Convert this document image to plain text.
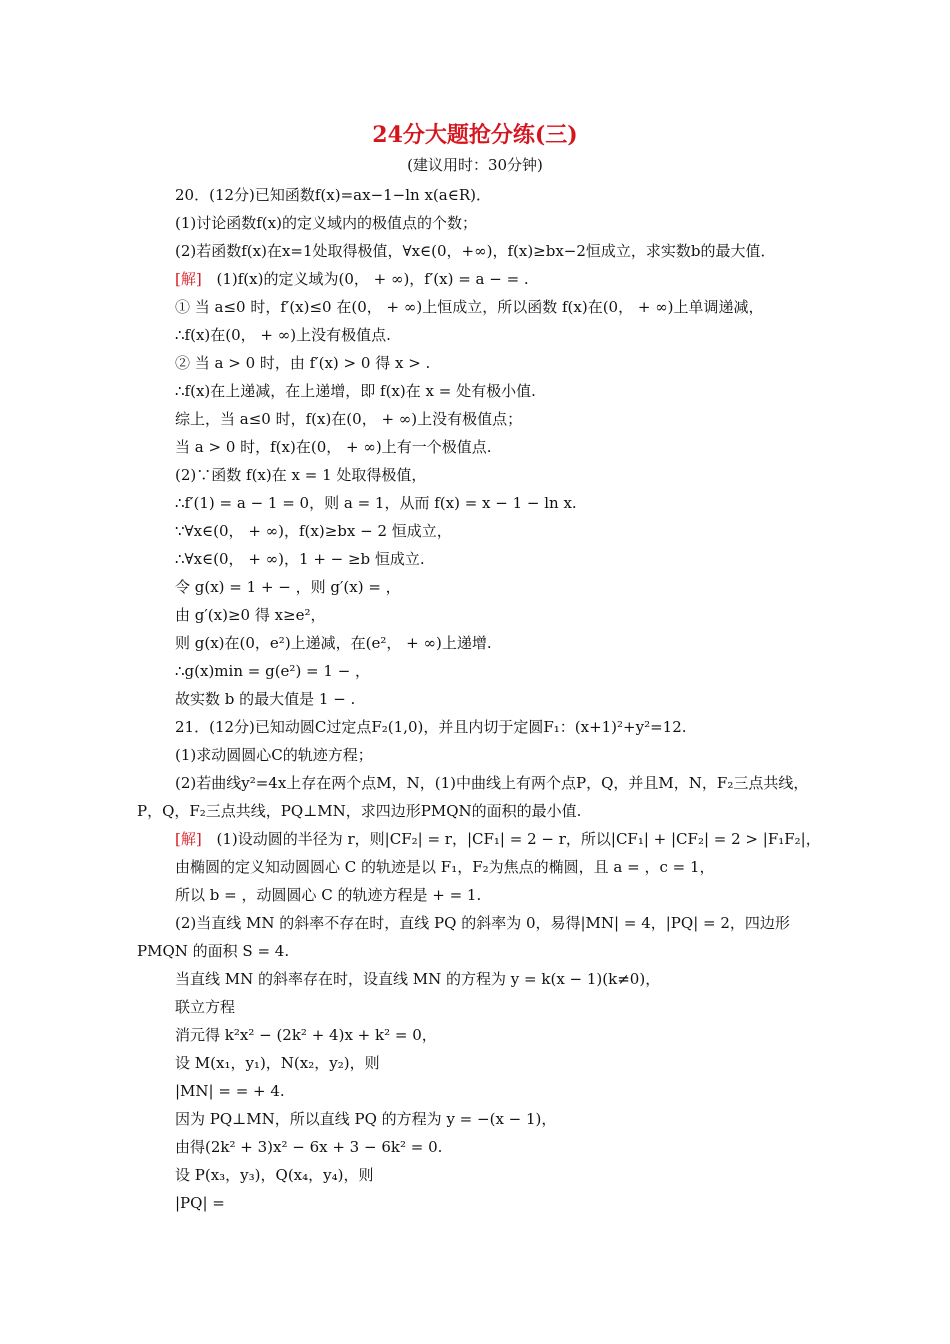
24分大题抢分练(三)
(建议用时：30分钟)
20．(12分)已知函数f(x)=ax−1−ln x(a∈R)．
(1)讨论函数f(x)的定义域内的极值点的个数；
(2)若函数f(x)在x=1处取得极值，∀x∈(0，+∞)，f(x)≥bx−2恒成立，求实数b的最大值．
[解] (1)f(x)的定义域为(0， + ∞)，f′(x) = a − = .
① 当 a≤0 时，f′(x)≤0 在(0， + ∞)上恒成立，所以函数 f(x)在(0， + ∞)上单调递减，
∴f(x)在(0， + ∞)上没有极值点.
② 当 a > 0 时，由 f′(x) > 0 得 x > .
∴f(x)在上递减，在上递增，即 f(x)在 x = 处有极小值.
综上，当 a≤0 时，f(x)在(0， + ∞)上没有极值点；
当 a > 0 时，f(x)在(0， + ∞)上有一个极值点.
(2)∵函数 f(x)在 x = 1 处取得极值，
∴f′(1) = a − 1 = 0，则 a = 1，从而 f(x) = x − 1 − ln x.
∵∀x∈(0， + ∞)，f(x)≥bx − 2 恒成立，
∴∀x∈(0， + ∞)，1 + − ≥b 恒成立.
令 g(x) = 1 + − ，则 g′(x) = ，
由 g′(x)≥0 得 x≥e²，
则 g(x)在(0，e²)上递减，在(e²， + ∞)上递增.
∴g(x)min = g(e²) = 1 − ，
故实数 b 的最大值是 1 − .
21．(12分)已知动圆C过定点F₂(1,0)，并且内切于定圆F₁：(x+1)²+y²=12.
(1)求动圆圆心C的轨迹方程；
(2)若曲线y²=4x上存在两个点M，N，(1)中曲线上有两个点P，Q，并且M，N，F₂三点共线，
P，Q，F₂三点共线，PQ⊥MN，求四边形PMQN的面积的最小值.
[解] (1)设动圆的半径为 r，则|CF₂| = r，|CF₁| = 2 − r，所以|CF₁| + |CF₂| = 2 > |F₁F₂|，
由椭圆的定义知动圆圆心 C 的轨迹是以 F₁，F₂为焦点的椭圆，且 a = ，c = 1，
所以 b = ，动圆圆心 C 的轨迹方程是 + = 1.
(2)当直线 MN 的斜率不存在时，直线 PQ 的斜率为 0，易得|MN| = 4，|PQ| = 2，四边形
PMQN 的面积 S = 4.
当直线 MN 的斜率存在时，设直线 MN 的方程为 y = k(x − 1)(k≠0)，
联立方程
消元得 k²x² − (2k² + 4)x + k² = 0，
设 M(x₁，y₁)，N(x₂，y₂)，则
|MN| = = + 4.
因为 PQ⊥MN，所以直线 PQ 的方程为 y = −(x − 1)，
由得(2k² + 3)x² − 6x + 3 − 6k² = 0.
设 P(x₃，y₃)，Q(x₄，y₄)，则
|PQ| =
